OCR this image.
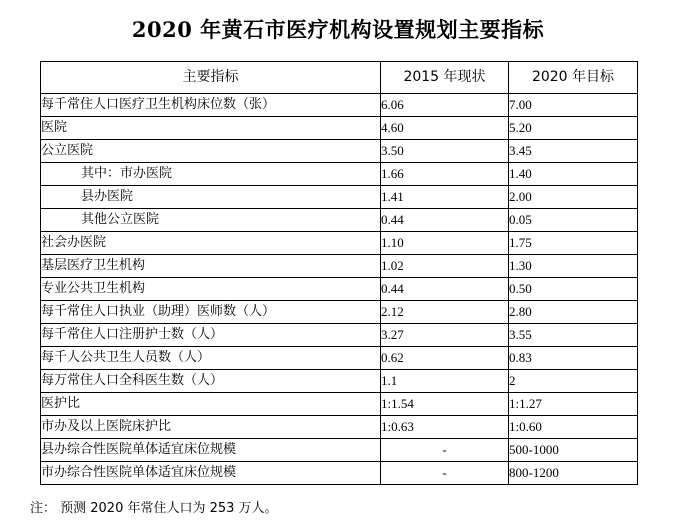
2020 年黄石市医疗机构设置规划主要指标
主要指标	2015 年现状	2020 年目标
每千常住人口医疗卫生机构床位数（张）	6.06	7.00
医院	4.60	5.20
公立医院	3.50	3.45
其中：市办医院	1.66	1.40
县办医院	1.41	2.00
其他公立医院	0.44	0.05
社会办医院	1.10	1.75
基层医疗卫生机构	1.02	1.30
专业公共卫生机构	0.44	0.50
每千常住人口执业（助理）医师数（人）	2.12	2.80
每千常住人口注册护士数（人）	3.27	3.55
每千人公共卫生人员数（人）	0.62	0.83
每万常住人口全科医生数（人）	1.1	2
医护比	1:1.54	1:1.27
市办及以上医院床护比	1:0.63	1:0.60
县办综合性医院单体适宜床位规模	-	500-1000
市办综合性医院单体适宜床位规模	-	800-1200
注： 预测 2020 年常住人口为 253 万人。
